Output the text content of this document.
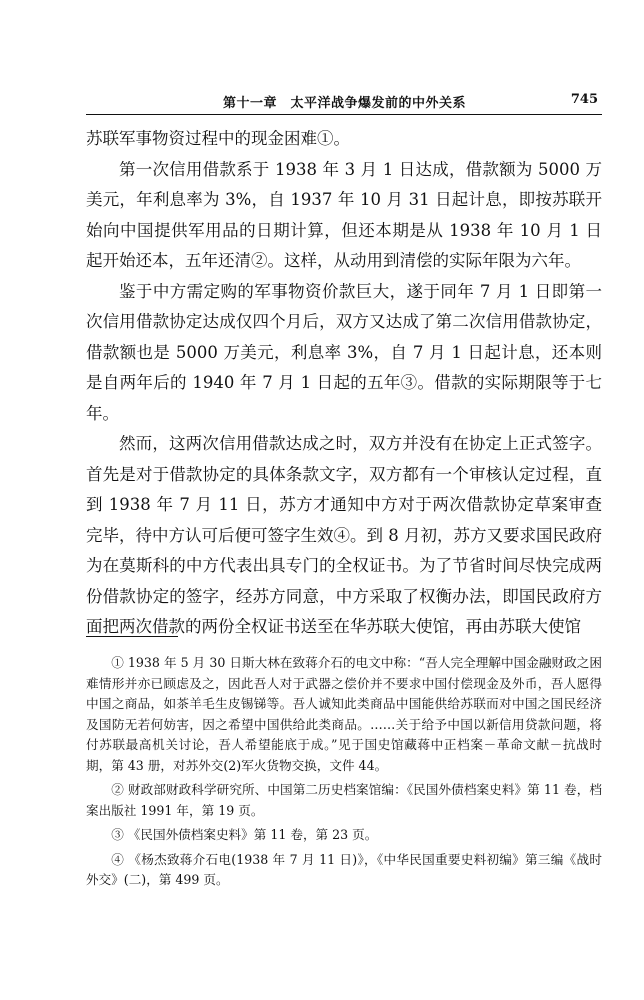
第十一章　太平洋战争爆发前的中外关系	745

苏联军事物资过程中的现金困难①。

第一次信用借款系于 1938 年 3 月 1 日达成，借款额为 5000 万美元，年利息率为 3%，自 1937 年 10 月 31 日起计息，即按苏联开始向中国提供军用品的日期计算，但还本期是从 1938 年 10 月 1 日起开始还本，五年还清②。这样，从动用到清偿的实际年限为六年。

鉴于中方需定购的军事物资价款巨大，遂于同年 7 月 1 日即第一次信用借款协定达成仅四个月后，双方又达成了第二次信用借款协定，借款额也是 5000 万美元，利息率 3%，自 7 月 1 日起计息，还本则是自两年后的 1940 年 7 月 1 日起的五年③。借款的实际期限等于七年。

然而，这两次信用借款达成之时，双方并没有在协定上正式签字。首先是对于借款协定的具体条款文字，双方都有一个审核认定过程，直到 1938 年 7 月 11 日，苏方才通知中方对于两次借款协定草案审查完毕，待中方认可后便可签字生效④。到 8 月初，苏方又要求国民政府为在莫斯科的中方代表出具专门的全权证书。为了节省时间尽快完成两份借款协定的签字，经苏方同意，中方采取了权衡办法，即国民政府方面把两次借款的两份全权证书送至在华苏联大使馆，再由苏联大使馆

① 1938 年 5 月 30 日斯大林在致蒋介石的电文中称：“吾人完全理解中国金融财政之困难情形并亦已顾虑及之，因此吾人对于武器之偿价并不要求中国付偿现金及外币，吾人愿得中国之商品，如茶羊毛生皮锡锑等。吾人诚知此类商品中国能供给苏联而对中国之国民经济及国防无若何妨害，因之希望中国供给此类商品。……关于给予中国以新信用贷款问题，将付苏联最高机关讨论，吾人希望能底于成。”见于国史馆藏蒋中正档案－革命文献－抗战时期，第 43 册，对苏外交(2)军火货物交换，文件 44。

② 财政部财政科学研究所、中国第二历史档案馆编：《民国外债档案史料》第 11 卷，档案出版社 1991 年，第 19 页。

③ 《民国外债档案史料》第 11 卷，第 23 页。

④ 《杨杰致蒋介石电(1938 年 7 月 11 日)》，《中华民国重要史料初编》第三编《战时外交》(二)，第 499 页。
